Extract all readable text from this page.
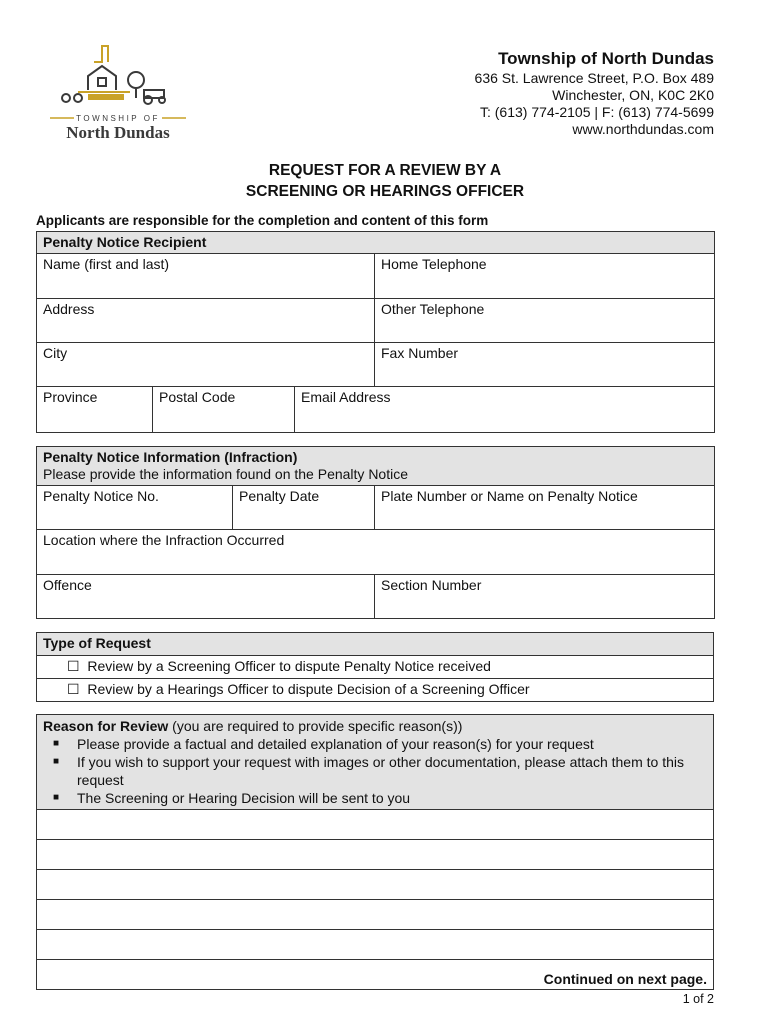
TOWNSHIP OF
North Dundas
Township of North Dundas
636 St. Lawrence Street, P.O. Box 489
Winchester, ON, K0C 2K0
T: (613) 774-2105 | F: (613) 774-5699
www.northdundas.com
REQUEST FOR A REVIEW BY A
SCREENING OR HEARINGS OFFICER
Applicants are responsible for the completion and content of this form
Penalty Notice Recipient			
Name (first and last)			Home Telephone
Address			Other Telephone
City			Fax Number
Province	Postal Code	Email Address	
Penalty Notice Information (Infraction)
Please provide the information found on the Penalty Notice		

Penalty Notice No.	Penalty Date	Plate Number or Name on Penalty Notice
Location where the Infraction Occurred		
Offence		Section Number
Type of Request
☐ Review by a Screening Officer to dispute Penalty Notice received
☐ Review by a Hearings Officer to dispute Decision of a Screening Officer
Reason for Review (you are required to provide specific reason(s))
■ Please provide a factual and detailed explanation of your reason(s) for your request
■ If you wish to support your request with images or other documentation, please attach them to this request
■ The Screening or Hearing Decision will be sent to you

Continued on next page.
1 of 2
